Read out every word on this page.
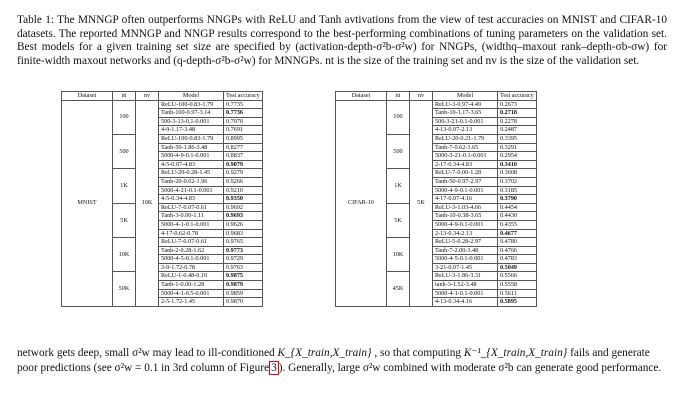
Table 1: The MNNGP often outperforms NNGPs with ReLU and Tanh avtivations from the view of test accuracies on MNIST and CIFAR-10 datasets. The reported MNNGP and NNGP results correspond to the best-performing combinations of tuning parameters on the validation set. Best models for a given training set size are specified by (activation-depth-σ²b-σ²w) for NNGPs, (widthq–maxout rank–depth-σb-σw) for finite-width maxout networks and (q-depth-σ²b-σ²w) for MNNGPs. nt is the size of the training set and nv is the size of the validation set.

Dataset	nt	nv	Model	Test accuracy
MNIST	100	10K	ReLU-100-0.83-1.79	0.7735
			Tanh-100-0.97-3.14	0.7736
			500-3-13-0.1-0.001	0.7070
			4-9-1.17-3.48	0.7691
	500		ReLU-100-0.83-1.79	0.8995
			Tanh-50-1.86-3.48	0.8277
			5000-4-9-0.1-0.001	0.8837
			4-5-0.07-4.83	0.9079
	1K		ReLU-20-0.28-1.45	0.9279
			Tanh-20-0.62-1.96	0.9266
			5000-4-21-0.1-0.001	0.9210
			4-5-0.34-4.83	0.9350
	5K		ReLU-7-0.07-0.61	0.9692
			Tanh-3-0.00-1.11	0.9693
			5000-4-1-0.1-0.001	0.9626
			4-17-0.62-0.78	0.9683
	10K		ReLU-7-0.07-0.61	0.9765
			Tanh-2-0.28-1.62	0.9773
			5000-4-5-0.1-0.001	0.9729
			3-9-1.72-0.78	0.9763
	50K		ReLU-1-0.48-0.10	0.9875
			Tanh-1-0.00-1.28	0.9879
			5000-4-1-0.5-0.001	0.9859
			2-5-1.72-1.45	0.9870
Dataset	nt	nv	Model	Test accuracy
CIFAR-10	100	5K	ReLU-3-0.97-4.49	0.2673
			Tanh-10-1.17-3.65	0.2718
			500-3-21-0.1-0.001	0.2278
			4-13-0.07-2.13	0.2487
	500		ReLU-20-0.21-1.79	0.3395
			Tanh-7-0.62-3.65	0.3291
			5000-3-21-0.1-0.001	0.2954
			2-17-0.34-4.83	0.3410
	1K		ReLU-7-0.00-1.28	0.3608
			Tanh-50-0.97-2.97	0.3702
			5000-4-9-0.1-0.001	0.3185
			4-17-0.07-4.16	0.3790
	5K		ReLU-3-1.03-4.66	0.4454
			Tanh-10-0.38-3.65	0.4430
			5000-4-9-0.1-0.001	0.4355
			2-13-0.34-2.13	0.4677
	10K		ReLU-5-0.28-2.97	0.4780
			Tanh-7-2.00-3.48	0.4766
			5000-4-5-0.1-0.001	0.4783
			3-21-0.07-1.45	0.5049
	45K		ReLU-3-1.86-3.31	0.5566
			tanh-3-1.52-3.48	0.5558
			5000-4-1-0.1-0.001	0.5611
			4-13-0.34-4.16	0.5895

network gets deep, small σ²w may lead to ill-conditioned K_{X_train,X_train} , so that computing K⁻¹_{X_train,X_train} fails and generate poor predictions (see σ²w = 0.1 in 3rd column of Figure 3 ). Generally, large σ²w combined with moderate σ²b can generate good performance.
